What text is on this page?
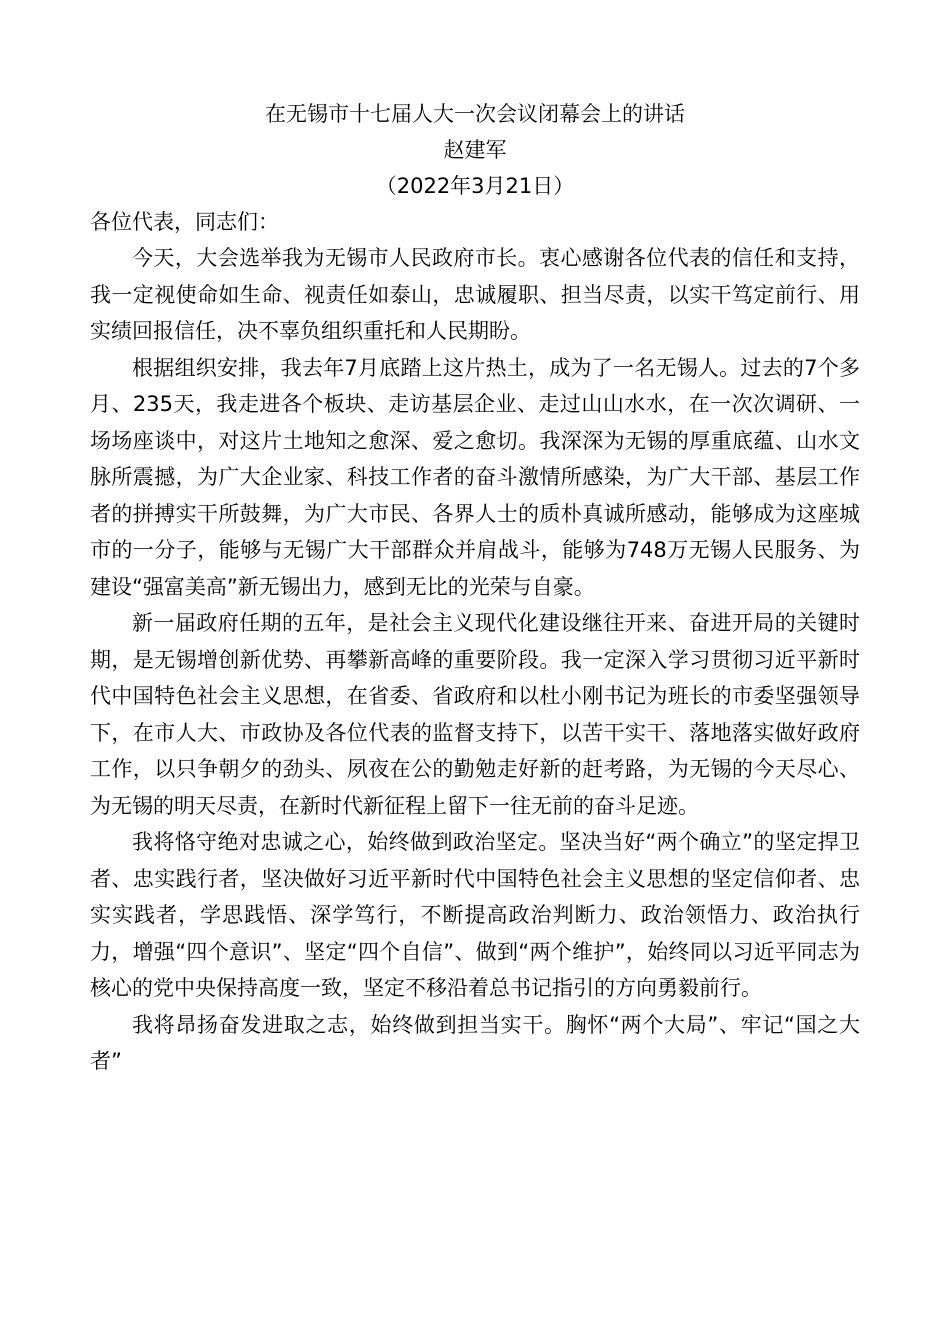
在无锡市十七届人大一次会议闭幕会上的讲话
赵建军
（2022年3月21日）
各位代表，同志们：

今天，大会选举我为无锡市人民政府市长。衷心感谢各位代表的信任和支持，我一定视使命如生命、视责任如泰山，忠诚履职、担当尽责，以实干笃定前行、用实绩回报信任，决不辜负组织重托和人民期盼。

根据组织安排，我去年7月底踏上这片热土，成为了一名无锡人。过去的7个多月、235天，我走进各个板块、走访基层企业、走过山山水水，在一次次调研、一场场座谈中，对这片土地知之愈深、爱之愈切。我深深为无锡的厚重底蕴、山水文脉所震撼，为广大企业家、科技工作者的奋斗激情所感染，为广大干部、基层工作者的拼搏实干所鼓舞，为广大市民、各界人士的质朴真诚所感动，能够成为这座城市的一分子，能够与无锡广大干部群众并肩战斗，能够为748万无锡人民服务、为建设“强富美高”新无锡出力，感到无比的光荣与自豪。

新一届政府任期的五年，是社会主义现代化建设继往开来、奋进开局的关键时期，是无锡增创新优势、再攀新高峰的重要阶段。我一定深入学习贯彻习近平新时代中国特色社会主义思想，在省委、省政府和以杜小刚书记为班长的市委坚强领导下，在市人大、市政协及各位代表的监督支持下，以苦干实干、落地落实做好政府工作，以只争朝夕的劲头、夙夜在公的勤勉走好新的赶考路，为无锡的今天尽心、为无锡的明天尽责，在新时代新征程上留下一往无前的奋斗足迹。

我将恪守绝对忠诚之心，始终做到政治坚定。坚决当好“两个确立”的坚定捍卫者、忠实践行者，坚决做好习近平新时代中国特色社会主义思想的坚定信仰者、忠实实践者，学思践悟、深学笃行，不断提高政治判断力、政治领悟力、政治执行力，增强“四个意识”、坚定“四个自信”、做到“两个维护”，始终同以习近平同志为核心的党中央保持高度一致，坚定不移沿着总书记指引的方向勇毅前行。

我将昂扬奋发进取之志，始终做到担当实干。胸怀“两个大局”、牢记“国之大者”
